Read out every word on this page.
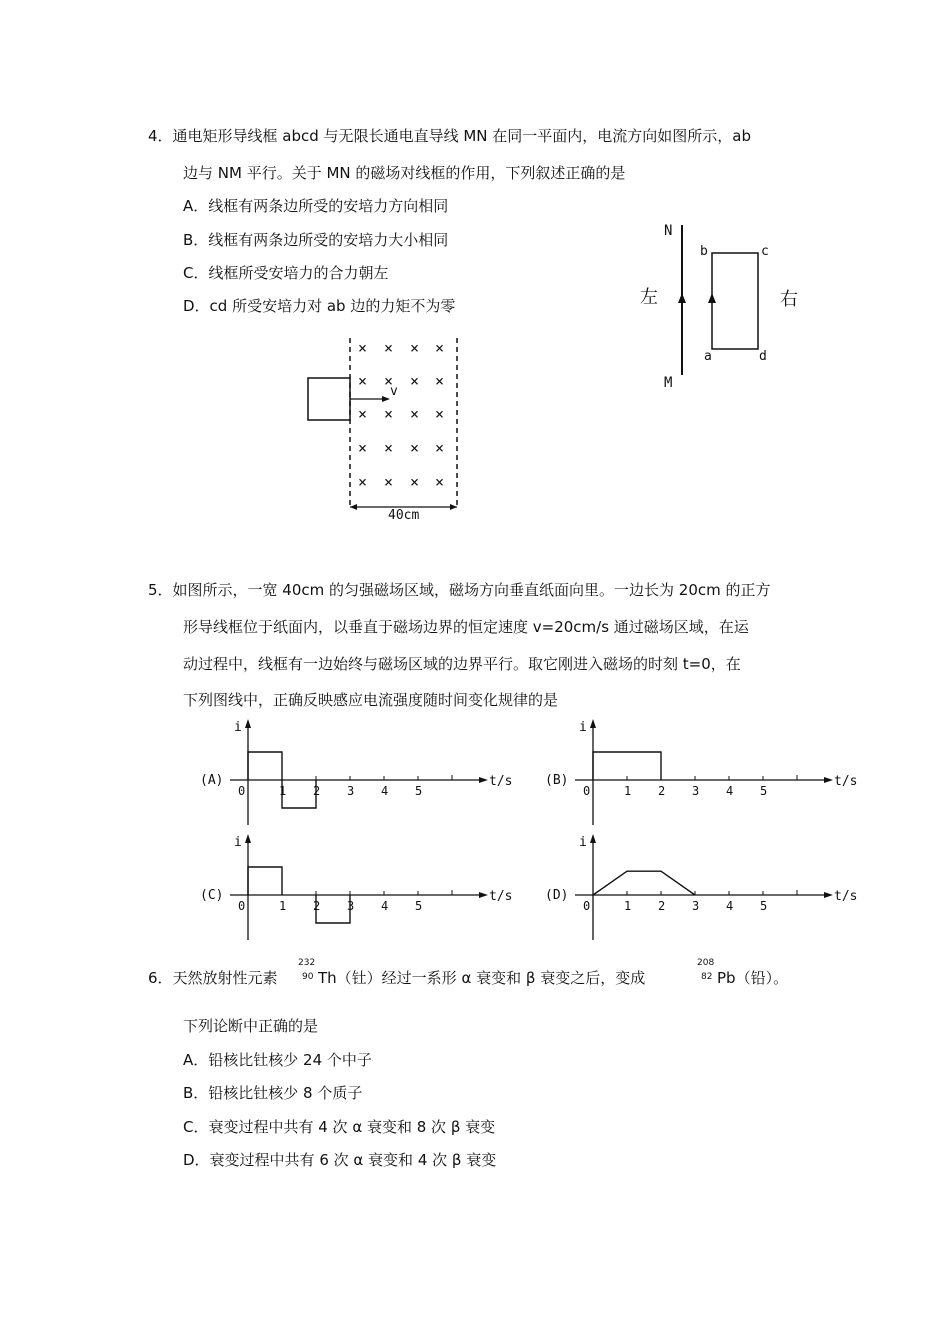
4．通电矩形导线框 abcd 与无限长通电直导线 MN 在同一平面内，电流方向如图所示，ab
边与 NM 平行。关于 MN 的磁场对线框的作用，下列叙述正确的是
A．线框有两条边所受的安培力方向相同
B．线框有两条边所受的安培力大小相同
C．线框所受安培力的合力朝左
D．cd 所受安培力对 ab 边的力矩不为零
N
M
b	c
a	d
左	右
v
40cm
× × × ×
× × × ×
× × × ×
× × × ×
× × × ×
5．如图所示，一宽 40cm 的匀强磁场区域，磁场方向垂直纸面向里。一边长为 20cm 的正方
形导线框位于纸面内，以垂直于磁场边界的恒定速度 v=20cm/s 通过磁场区域，在运
动过程中，线框有一边始终与磁场区域的边界平行。取它刚进入磁场的时刻 t=0，在
下列图线中，正确反映感应电流强度随时间变化规律的是
(A)
i
t/s
0	1 2 3 4 5
(B)
i
t/s
0	1 2 3 4 5
(C)
i
t/s
0	1 2 3 4 5
(D)
i
t/s
0	1 2 3 4 5
6．天然放射性元素
232
90 Th（钍）经过一系形 α 衰变和 β 衰变之后，变成
208
82 Pb（铅）。
下列论断中正确的是
A．铅核比钍核少 24 个中子
B．铅核比钍核少 8 个质子
C．衰变过程中共有 4 次 α 衰变和 8 次 β 衰变
D．衰变过程中共有 6 次 α 衰变和 4 次 β 衰变
